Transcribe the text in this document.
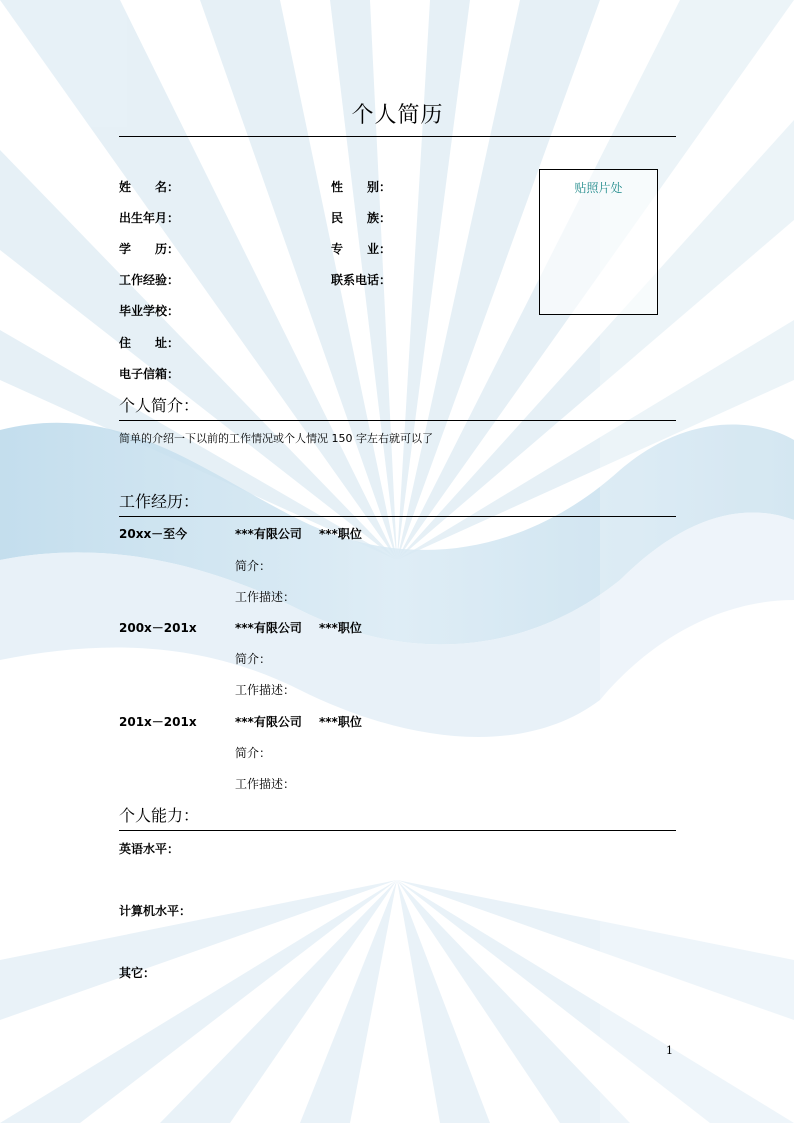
个人简历
姓　　名：	性　　别：
出生年月：	民　　族：
学　　历：	专　　业：
工作经验：	联系电话：
毕业学校：
住　　址：
电子信箱：
贴照片处
个人简介：
简单的介绍一下以前的工作情况或个人情况 150 字左右就可以了
工作经历：
20xx－至今	***有限公司 ***职位
简介：
工作描述：
200x－201x	***有限公司 ***职位
简介：
工作描述：
201x－201x	***有限公司 ***职位
简介：
工作描述：
个人能力：
英语水平：
计算机水平：
其它：
1
